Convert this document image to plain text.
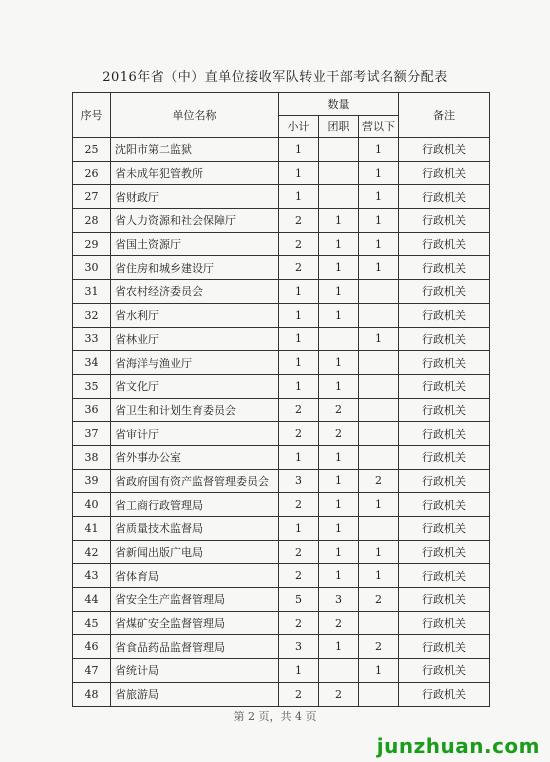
2016年省（中）直单位接收军队转业干部考试名额分配表
序号	单位名称	数量			备注
		小计	团职	营以下	
25	沈阳市第二监狱	1		1	行政机关
26	省未成年犯管教所	1		1	行政机关
27	省财政厅	1		1	行政机关
28	省人力资源和社会保障厅	2	1	1	行政机关
29	省国土资源厅	2	1	1	行政机关
30	省住房和城乡建设厅	2	1	1	行政机关
31	省农村经济委员会	1	1		行政机关
32	省水利厅	1	1		行政机关
33	省林业厅	1		1	行政机关
34	省海洋与渔业厅	1	1		行政机关
35	省文化厅	1	1		行政机关
36	省卫生和计划生育委员会	2	2		行政机关
37	省审计厅	2	2		行政机关
38	省外事办公室	1	1		行政机关
39	省政府国有资产监督管理委员会	3	1	2	行政机关
40	省工商行政管理局	2	1	1	行政机关
41	省质量技术监督局	1	1		行政机关
42	省新闻出版广电局	2	1	1	行政机关
43	省体育局	2	1	1	行政机关
44	省安全生产监督管理局	5	3	2	行政机关
45	省煤矿安全监督管理局	2	2		行政机关
46	省食品药品监督管理局	3	1	2	行政机关
47	省统计局	1		1	行政机关
48	省旅游局	2	2		行政机关
第 2 页，共 4 页
junzhuan.com
